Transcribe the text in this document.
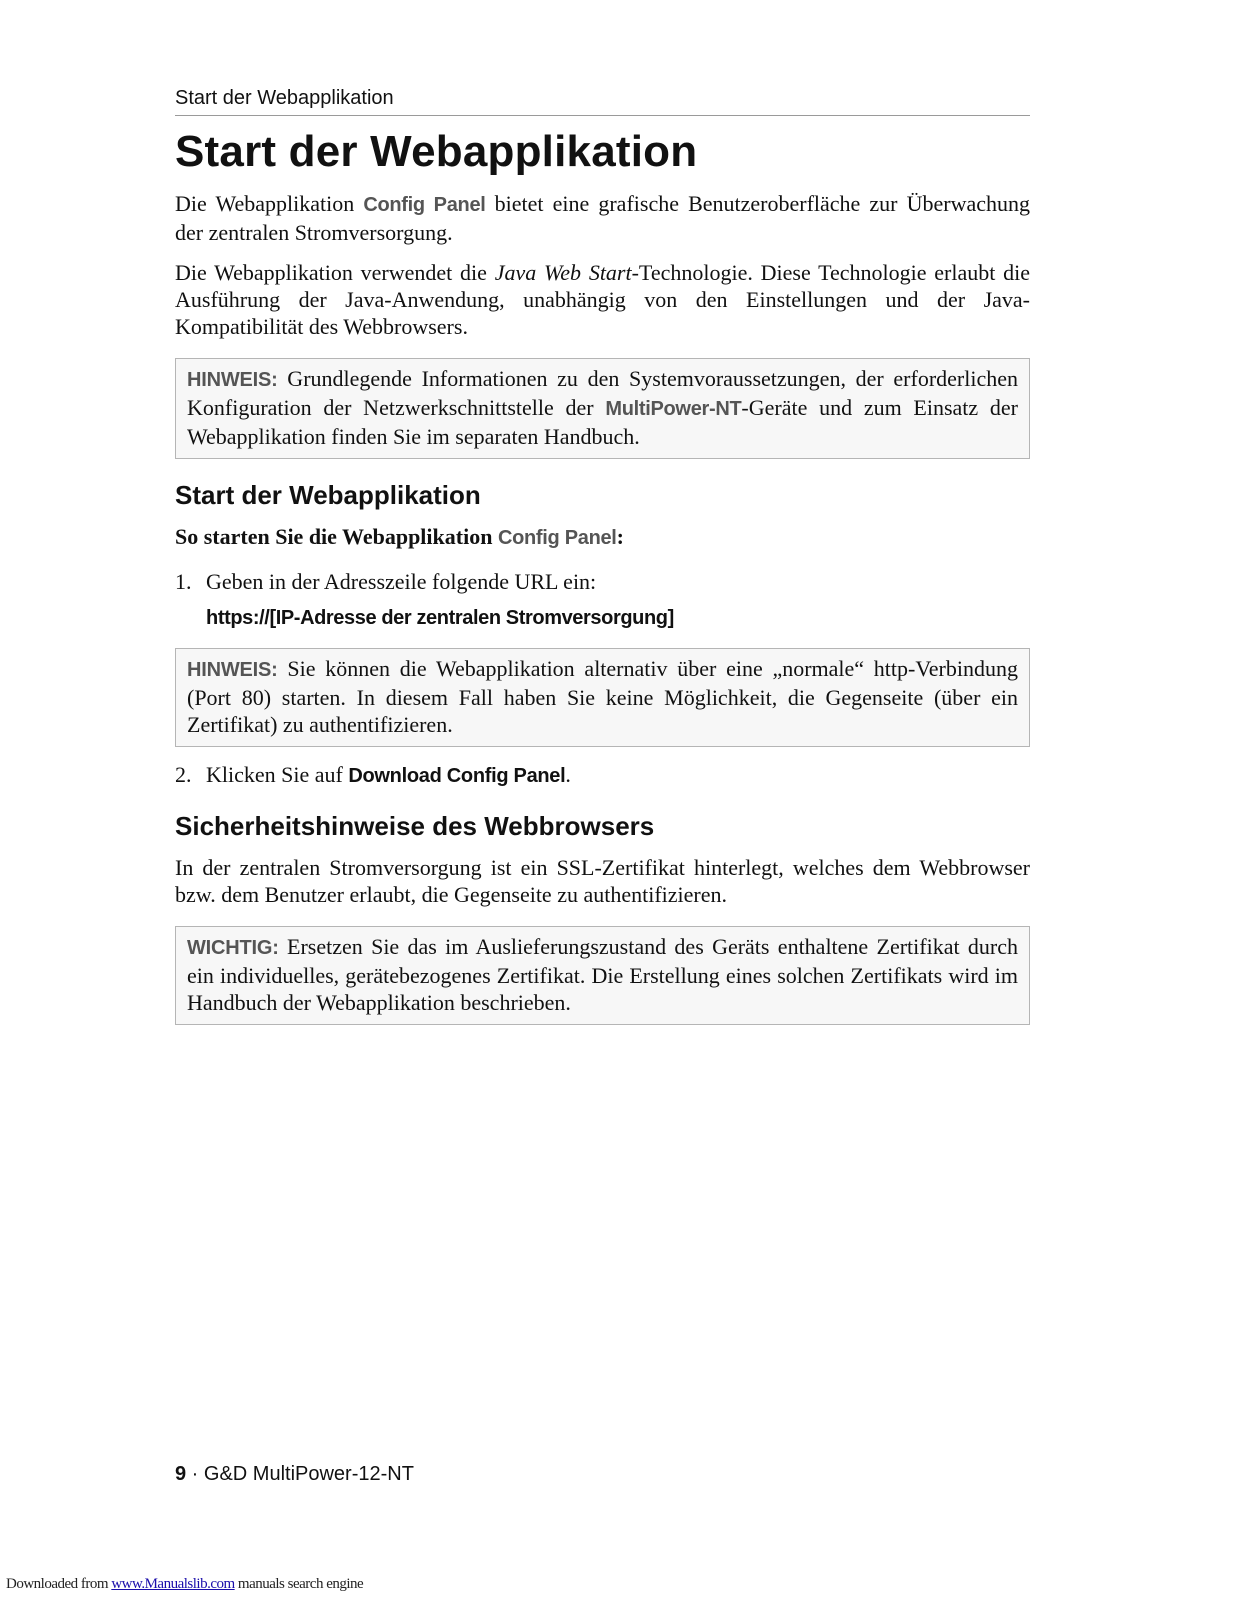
Start der Webapplikation
Start der Webapplikation

Die Webapplikation Config Panel bietet eine grafische Benutzeroberfläche zur Überwachung der zentralen Stromversorgung.

Die Webapplikation verwendet die Java Web Start-Technologie. Diese Technologie erlaubt die Ausführung der Java-Anwendung, unabhängig von den Einstellungen und der Java-Kompatibilität des Webbrowsers.

HINWEIS: Grundlegende Informationen zu den Systemvoraussetzungen, der erforderlichen Konfiguration der Netzwerkschnittstelle der MultiPower-NT-Geräte und zum Einsatz der Webapplikation finden Sie im separaten Handbuch.
Start der Webapplikation
So starten Sie die Webapplikation Config Panel:
1. Geben in der Adresszeile folgende URL ein:
https://[IP-Adresse der zentralen Stromversorgung]
HINWEIS: Sie können die Webapplikation alternativ über eine „normale“ http-Verbindung (Port 80) starten. In diesem Fall haben Sie keine Möglichkeit, die Gegenseite (über ein Zertifikat) zu authentifizieren.
2. Klicken Sie auf Download Config Panel.
Sicherheitshinweise des Webbrowsers

In der zentralen Stromversorgung ist ein SSL-Zertifikat hinterlegt, welches dem Webbrowser bzw. dem Benutzer erlaubt, die Gegenseite zu authentifizieren.

WICHTIG: Ersetzen Sie das im Auslieferungszustand des Geräts enthaltene Zertifikat durch ein individuelles, gerätebezogenes Zertifikat. Die Erstellung eines solchen Zertifikats wird im Handbuch der Webapplikation beschrieben.
9 · G&D MultiPower-12-NT
Downloaded from www.Manualslib.com manuals search engine
